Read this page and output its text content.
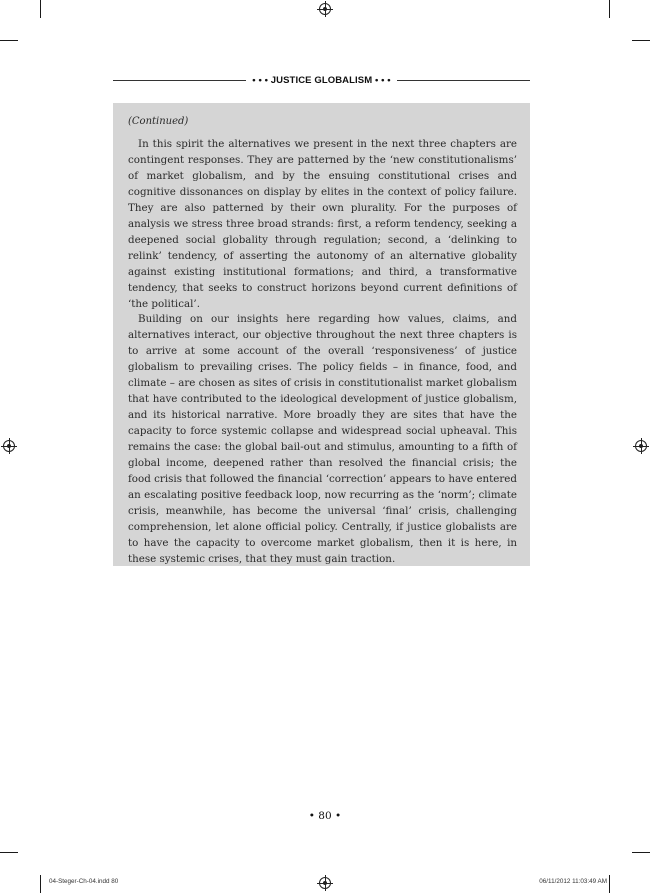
• • • JUSTICE GLOBALISM • • •

(Continued)

In this spirit the alternatives we present in the next three chapters are contingent responses. They are patterned by the ‘new constitutionalisms’ of market globalism, and by the ensuing constitutional crises and cognitive dissonances on display by elites in the context of policy failure. They are also patterned by their own plurality. For the purposes of analysis we stress three broad strands: first, a reform tendency, seeking a deepened social globality through regulation; second, a ‘delinking to relink’ tendency, of asserting the autonomy of an alternative globality against existing institutional formations; and third, a transformative tendency, that seeks to construct horizons beyond current definitions of ‘the political’.

Building on our insights here regarding how values, claims, and alternatives interact, our objective throughout the next three chapters is to arrive at some account of the overall ‘responsiveness’ of justice globalism to prevailing crises. The policy fields – in finance, food, and climate – are chosen as sites of crisis in constitutionalist market globalism that have contributed to the ideological development of justice globalism, and its historical narrative. More broadly they are sites that have the capacity to force systemic collapse and widespread social upheaval. This remains the case: the global bail-out and stimulus, amounting to a fifth of global income, deepened rather than resolved the financial crisis; the food crisis that followed the financial ‘correction’ appears to have entered an escalating positive feedback loop, now recurring as the ‘norm’; climate crisis, meanwhile, has become the universal ‘final’ crisis, challenging comprehension, let alone official policy. Centrally, if justice globalists are to have the capacity to overcome market globalism, then it is here, in these systemic crises, that they must gain traction.

• 80 •
04-Steger-Ch-04.indd 80	06/11/2012 11:03:49 AM
